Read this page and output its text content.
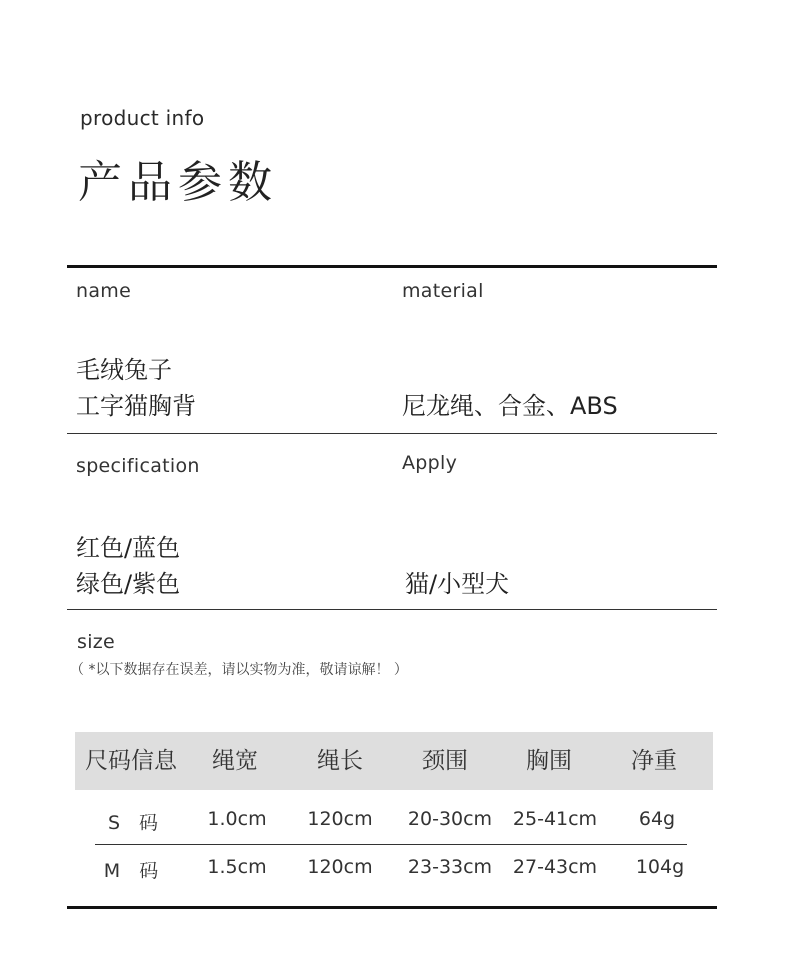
product info
产品参数
name	material
毛绒兔子
工字猫胸背	尼龙绳、合金、ABS
specification	Apply
红色/蓝色
绿色/紫色	猫/小型犬
size
（ *以下数据存在误差，请以实物为准，敬请谅解！ ）
尺码信息	绳宽	绳长	颈围	胸围	净重
S　码	1.0cm	120cm	20-30cm	25-41cm	64g
M　码	1.5cm	120cm	23-33cm	27-43cm	104g
